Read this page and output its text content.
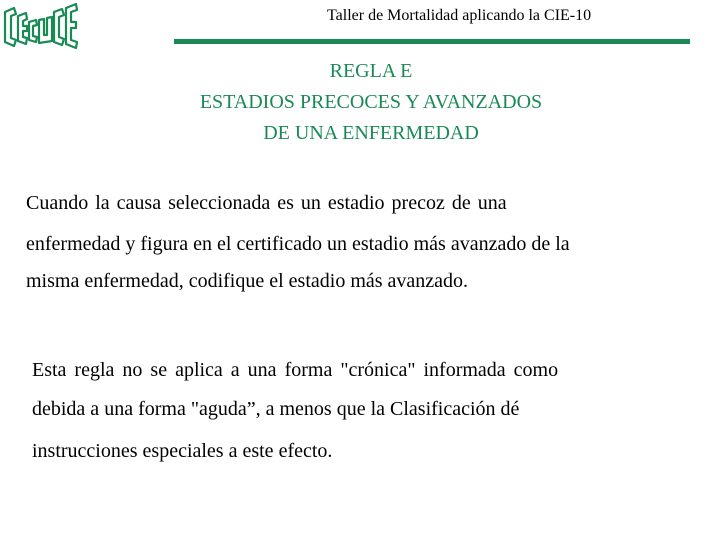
Taller de Mortalidad aplicando la CIE-10
REGLA E
ESTADIOS PRECOCES Y AVANZADOS
DE UNA ENFERMEDAD
Cuando la causa seleccionada es un estadio precoz de una
enfermedad y figura en el certificado un estadio más avanzado de la
misma enfermedad, codifique el estadio más avanzado.
Esta regla no se aplica a una forma "crónica" informada como
debida a una forma "aguda”, a menos que la Clasificación dé
instrucciones especiales a este efecto.
